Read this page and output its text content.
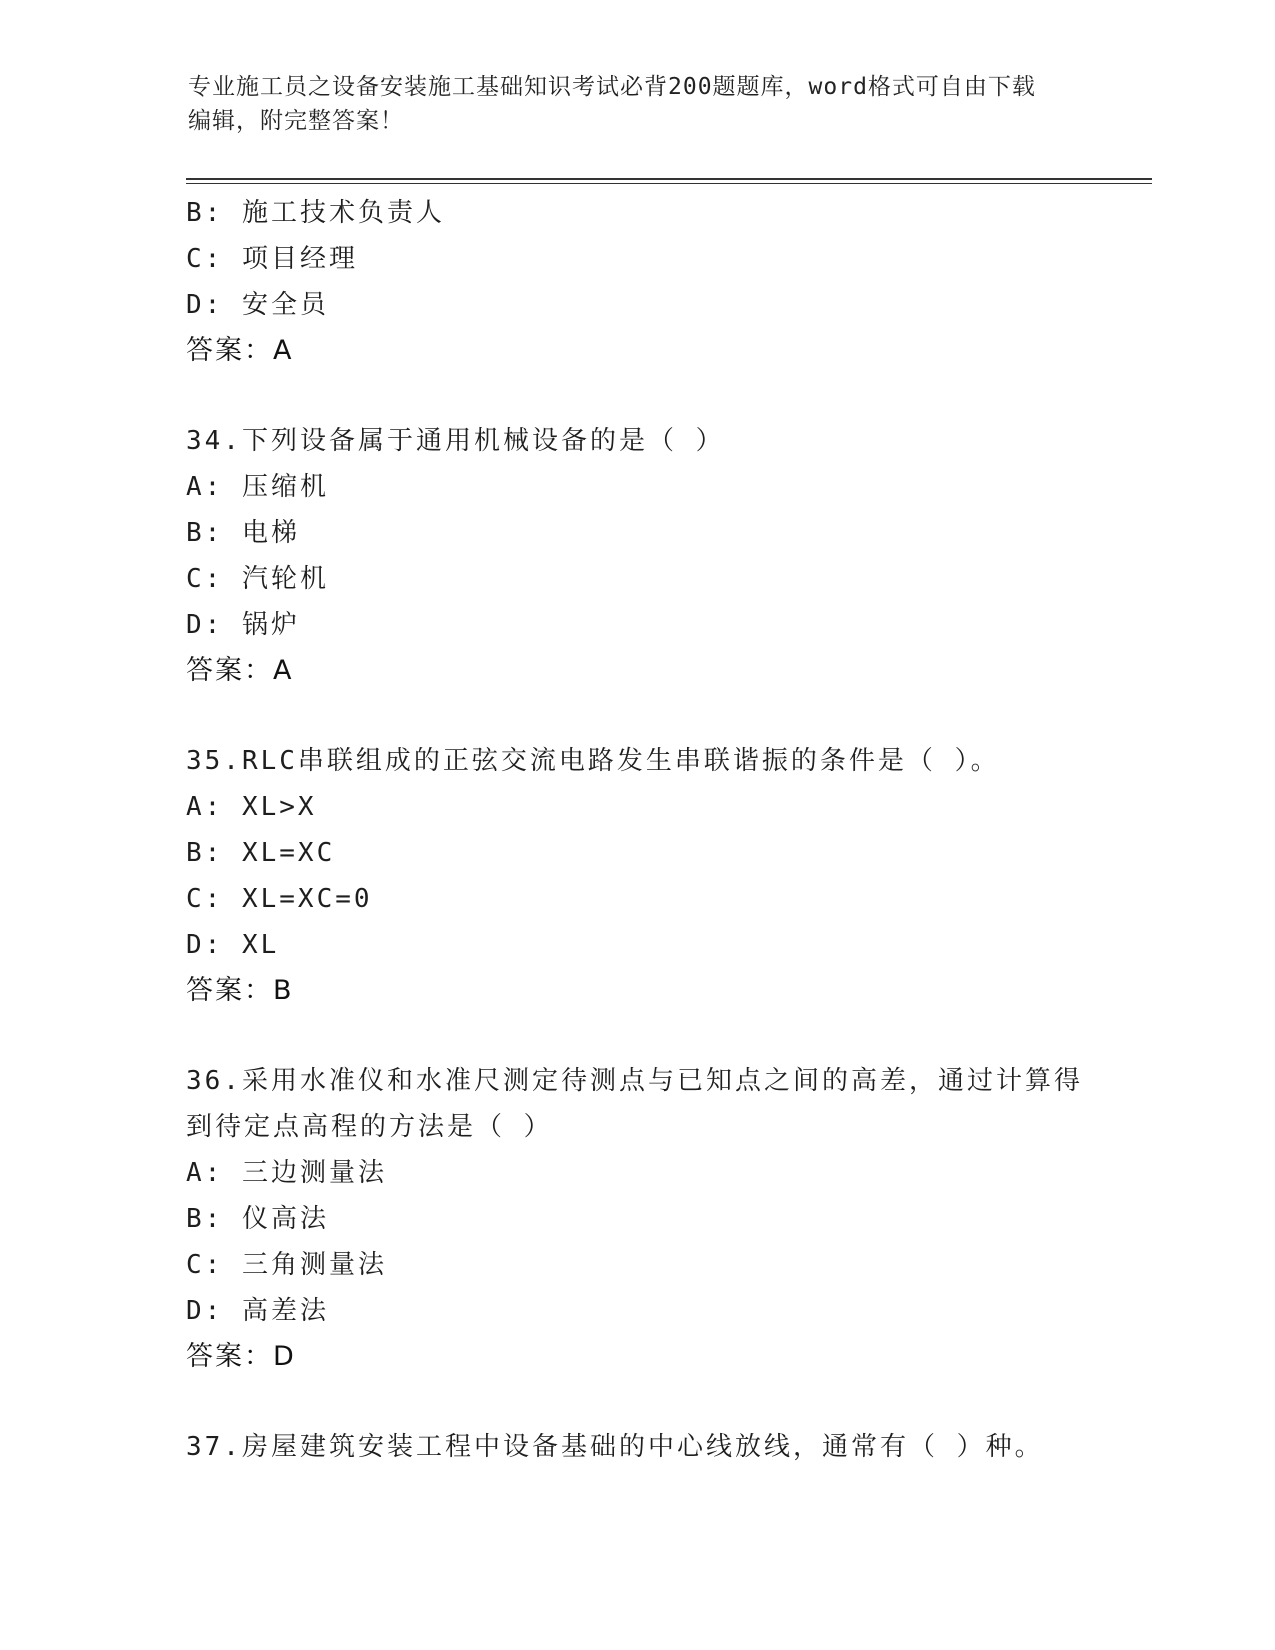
专业施工员之设备安装施工基础知识考试必背200题题库，word格式可自由下载
编辑，附完整答案！
B: 施工技术负责人
C: 项目经理
D: 安全员
答案：A
34.下列设备属于通用机械设备的是（ ）
A: 压缩机
B: 电梯
C: 汽轮机
D: 锅炉
答案：A
35.RLC串联组成的正弦交流电路发生串联谐振的条件是（ ）。
A: XL>X
B: XL=XC
C: XL=XC=0
D: XL
答案：B
36.采用水准仪和水准尺测定待测点与已知点之间的高差，通过计算得
到待定点高程的方法是（ ）
A: 三边测量法
B: 仪高法
C: 三角测量法
D: 高差法
答案：D
37.房屋建筑安装工程中设备基础的中心线放线，通常有（ ）种。
